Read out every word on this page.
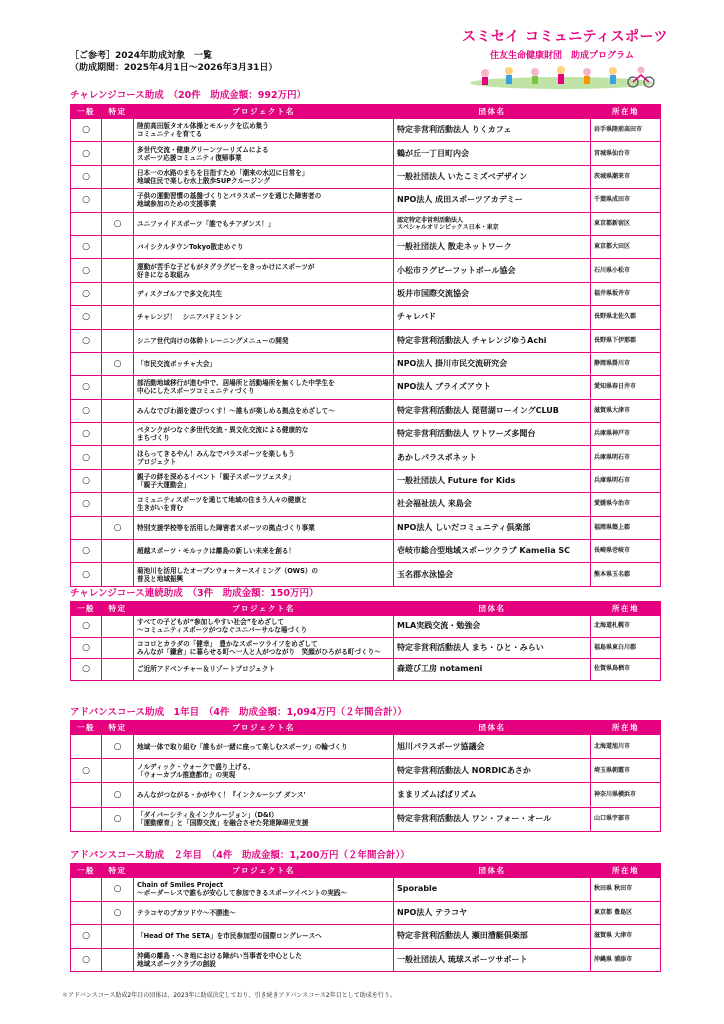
［ご参考］2024年助成対象　一覧
（助成期間：2025年4月1日～2026年3月31日）
スミセイ コミュニティスポーツ
住友生命健康財団　助成プログラム
チャレンジコース助成　（20件　助成金額：992万円）
一般	特定	プロジェクト名	団体名	所在地
○		陸前高田版タオル体操とモルックを広め集う
コミュニティを育てる	特定非営利活動法人 りくカフェ	岩手県陸前高田市
○		多世代交流・健康グリーンツーリズムによる
スポーツ応援コミュニティ復帰事業	鶴が丘一丁目町内会	宮城県仙台市
○		日本一の水路のまちを目指すため「潮来の水辺に日常を」
地域住民で楽しむ水上散歩SUPクルージング	一般社団法人 いたこミズベデザイン	茨城県潮来市
○		子供の運動習慣の基盤づくりとパラスポーツを通じた障害者の
地域参加のための支援事業	NPO法人 成田スポーツアカデミー	千葉県成田市
	○	ユニファイドスポーツ「誰でもチアダンス！」	認定特定非営利活動法人
スペシャルオリンピックス日本・東京	東京都新宿区
○		バイシクルタウンTokyo散走めぐり	一般社団法人 散走ネットワーク	東京都大田区
○		運動が苦手な子どもがタグラグビーをきっかけにスポーツが
好きになる取組み	小松市ラグビーフットボール協会	石川県小松市
○		ディスクゴルフで多文化共生	坂井市国際交流協会	福井県坂井市
○		チャレンジ！　シニアバドミントン	チャレバド	長野県北佐久郡
○		シニア世代向けの体幹トレーニングメニューの開発	特定非営利活動法人 チャレンジゆうAchi	長野県下伊那郡
	○	「市民交流ボッチャ大会」	NPO法人 掛川市民交流研究会	静岡県掛川市
○		部活動地域移行が進む中で、居場所と活動場所を無くした中学生を
中心にしたスポーツコミュニティづくり	NPO法人 ブライズアウト	愛知県春日井市
○		みんなでびわ湖を遊びつくす！～誰もが楽しめる拠点をめざして～	特定非営利活動法人 琵琶湖ローイングCLUB	滋賀県大津市
○		ペタンクがつなぐ多世代交流・異文化交流による健康的な
まちづくり	特定非営利活動法人 ワトワーズ多聞台	兵庫県神戸市
○		ほらってきるやん！みんなでパラスポーツを楽しもう
プロジェクト	あかしパラスポネット	兵庫県明石市
○		親子の絆を深めるイベント「親子スポーツフェスタ」
「親子大運動会」	一般社団法人 Future for Kids	兵庫県明石市
○		コミュニティスポーツを通じて地域の住まう人々の健康と
生きがいを育む	社会福祉法人 来島会	愛媛県今治市
	○	特別支援学校等を活用した障害者スポーツの拠点づくり事業	NPO法人 しいだコミュニティ倶楽部	福岡県築上郡
○		超越スポーツ・モルックは離島の新しい未来を創る！	壱岐市総合型地域スポーツクラブ Kamelia SC	長崎県壱岐市
○		菊池川を活用したオープンウォータースイミング（OWS）の
普及と地域振興	玉名郡水泳協会	熊本県玉名郡
チャレンジコース連続助成　（3件　助成金額：150万円）
一般	特定	プロジェクト名	団体名	所在地
○		すべての子どもが“参加しやすい社会”をめざして
～コミュニティスポーツがつなぐユニバーサルな場づくり	MLA実践交流・勉強会	北海道札幌市
○		ココロとカラダの「健幸」　豊かなスポーツライフをめざして
みんなが「鎌倉」に暮らせる町へ一人と人がつながり　笑顔がひろがる町づくり～	特定非営利活動法人 まち・ひと・みらい	福島県東白川郡
○		ご近所アドベンチャー＆リゾートプロジェクト	森遊び工房 notameni	佐賀県鳥栖市
アドバンスコース助成　1年目　（4件　助成金額：1,094万円（２年間合計））
一般	特定	プロジェクト名	団体名	所在地
	○	地域一体で取り組む「誰もが一緒に座って楽しむスポーツ」の輪づくり	旭川パラスポーツ協議会	北海道旭川市
○		ノルディック・ウォークで盛り上げる、
「ウォーカブル推進都市」の実現	特定非営利活動法人 NORDICあさか	埼玉県朝霞市
	○	みんながつながる・かがやく！『インクルーシブ ダンス'	ままリズムぱぱリズム	神奈川県横浜市
	○	「ダイバーシティ＆インクルージョン」（D&I）
「運動療育」と「国際交流」を融合させた発達障碍児支援	特定非営利活動法人 ワン・フォー・オール	山口県宇部市
アドバンスコース助成　２年目　（4件　助成金額：1,200万円（２年間合計））
一般	特定	プロジェクト名	団体名	所在地
	○	Chain of Smiles Project
～ボーダーレスで誰もが安心して参加できるスポーツイベントの実践～	Sporable	秋田県 秋田市
	○	テラコヤのブカツドウ～不勝進～	NPO法人 テラコヤ	東京都 豊島区
○		「Head Of The SETA」を市民参加型の国際ロングレースへ	特定非営利活動法人 瀬田漕艇倶楽部	滋賀県 大津市
○		沖縄の離島・へき地における障がい当事者を中心とした
地域スポーツクラブの創設	一般社団法人 琉球スポーツサポート	沖縄県 浦添市
＊アドバンスコース助成2年目の団体は、2023年に助成決定しており、引き続きアドバンスコース2年目として助成を行う。
